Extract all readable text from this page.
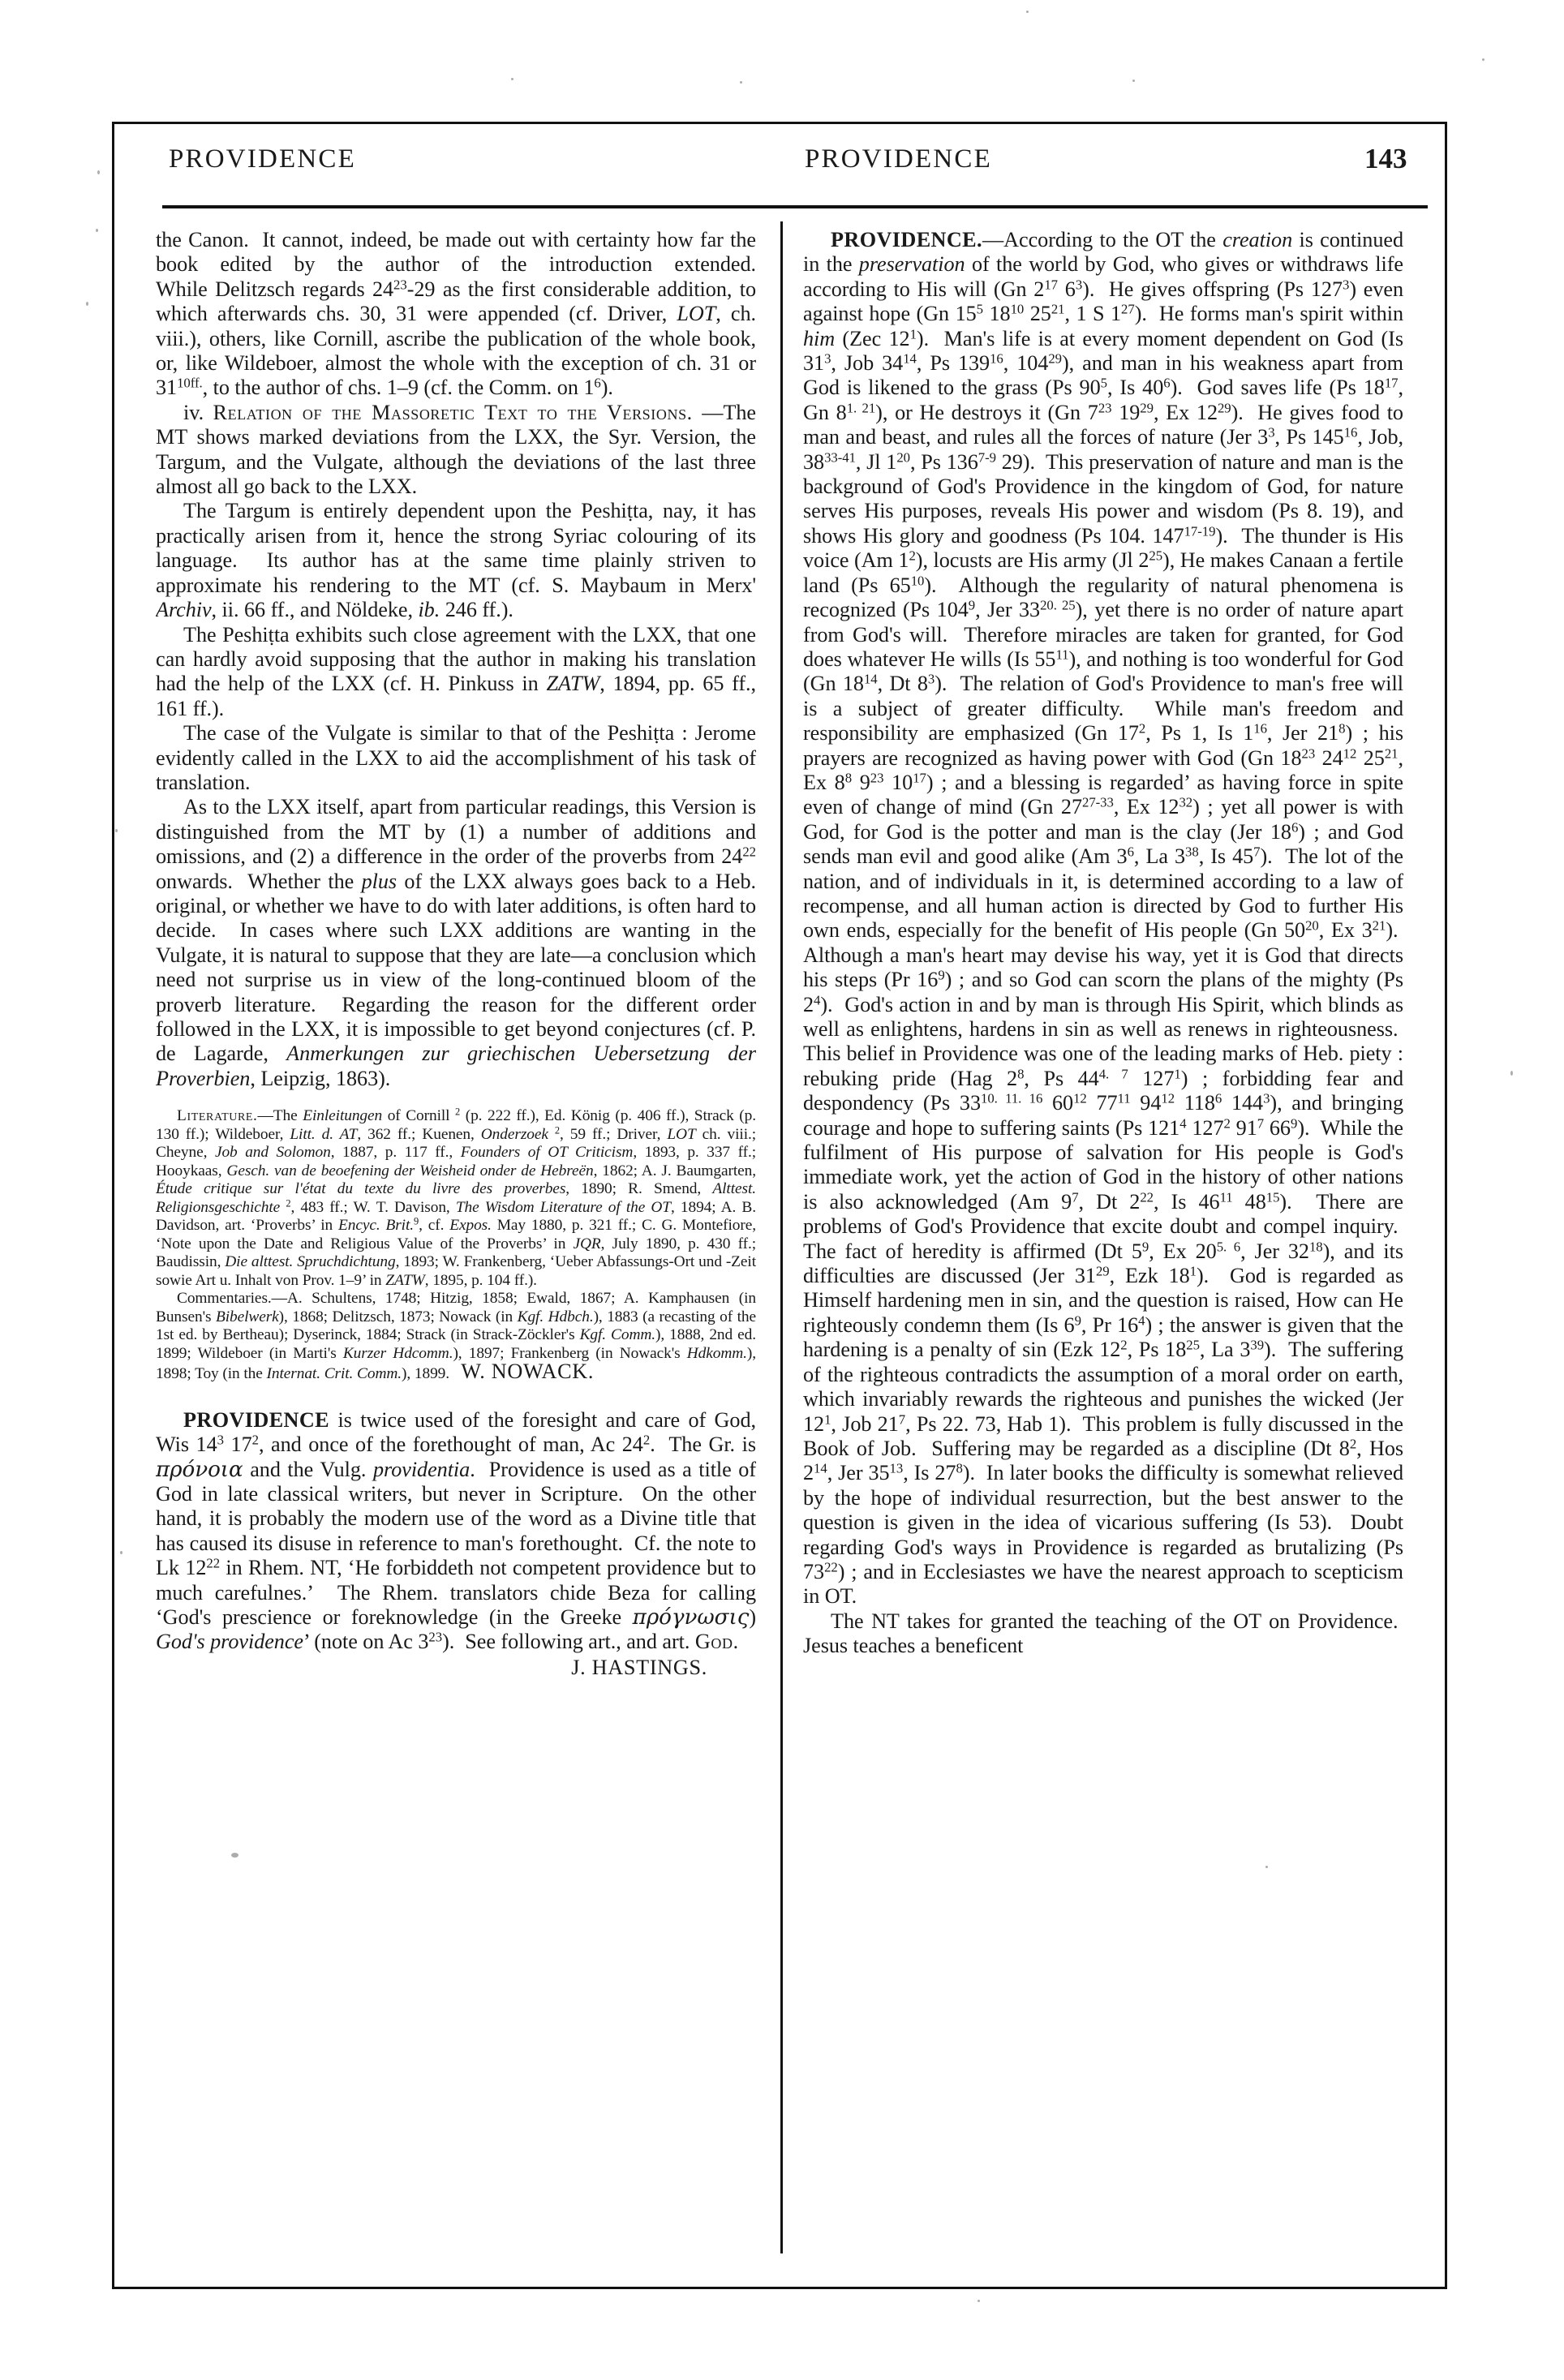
PROVIDENCE	PROVIDENCE	143

the Canon.  It cannot, indeed, be made out with certainty how far the book edited by the author of the introduction extended. While Delitzsch regards $24^{23}-29$ as the first considerable addition, to which afterwards chs. 30, 31 were appended (cf. Driver, LOT, ch. viii.), others, like Cornill, ascribe the publication of the whole book, or, like Wildeboer, almost the whole with the exception of ch. 31 or $31^{10ff.}$, to the author of chs. 1–9 (cf. the Comm. on $1^6$).

iv. Relation of the Massoretic Text to the Versions. —The MT shows marked deviations from the LXX, the Syr. Version, the Targum, and the Vulgate, although the deviations of the last three almost all go back to the LXX.

The Targum is entirely dependent upon the Peshiṭta, nay, it has practically arisen from it, hence the strong Syriac colouring of its language.  Its author has at the same time plainly striven to approximate his rendering to the MT (cf. S. Maybaum in Merx' Archiv, ii. 66 ff., and Nöldeke, ib. 246 ff.).

The Peshiṭta exhibits such close agreement with the LXX, that one can hardly avoid supposing that the author in making his translation had the help of the LXX (cf. H. Pinkuss in ZATW, 1894, pp. 65 ff., 161 ff.).

The case of the Vulgate is similar to that of the Peshiṭta : Jerome evidently called in the LXX to aid the accomplishment of his task of translation.

As to the LXX itself, apart from particular readings, this Version is distinguished from the MT by (1) a number of additions and omissions, and (2) a difference in the order of the proverbs from $24^{22}$ onwards.  Whether the plus of the LXX always goes back to a Heb. original, or whether we have to do with later additions, is often hard to decide.  In cases where such LXX additions are wanting in the Vulgate, it is natural to suppose that they are late—a conclusion which need not surprise us in view of the long-continued bloom of the proverb literature.  Regarding the reason for the different order followed in the LXX, it is impossible to get beyond conjectures (cf. P. de Lagarde, Anmerkungen zur griechischen Uebersetzung der Proverbien, Leipzig, 1863).

Literature.—The Einleitungen of Cornill $^2$ (p. 222 ff.), Ed. König (p. 406 ff.), Strack (p. 130 ff.); Wildeboer, Litt. d. AT, 362 ff.; Kuenen, Onderzoek $^2$, 59 ff.; Driver, LOT ch. viii.; Cheyne, Job and Solomon, 1887, p. 117 ff., Founders of OT Criticism, 1893, p. 337 ff.; Hooykaas, Gesch. van de beoefening der Weisheid onder de Hebreën, 1862; A. J. Baumgarten, Étude critique sur l'état du texte du livre des proverbes, 1890; R. Smend, Alttest. Religionsgeschichte $^2$, 483 ff.; W. T. Davison, The Wisdom Literature of the OT, 1894; A. B. Davidson, art. ‘Proverbs’ in Encyc. Brit.$^9$, cf. Expos. May 1880, p. 321 ff.; C. G. Montefiore, ‘Note upon the Date and Religious Value of the Proverbs’ in JQR, July 1890, p. 430 ff.; Baudissin, Die alttest. Spruchdichtung, 1893; W. Frankenberg, ‘Ueber Abfassungs-Ort und -Zeit sowie Art u. Inhalt von Prov. 1–9’ in ZATW, 1895, p. 104 ff.).

Commentaries.—A. Schultens, 1748; Hitzig, 1858; Ewald, 1867; A. Kamphausen (in Bunsen's Bibelwerk), 1868; Delitzsch, 1873; Nowack (in Kgf. Hdbch.), 1883 (a recasting of the 1st ed. by Bertheau); Dyserinck, 1884; Strack (in Strack-Zöckler's Kgf. Comm.), 1888, 2nd ed. 1899; Wildeboer (in Marti's Kurzer Hdcomm.), 1897; Frankenberg (in Nowack's Hdkomm.), 1898; Toy (in the Internat. Crit. Comm.), 1899.   W. NOWACK.

PROVIDENCE is twice used of the foresight and care of God, Wis $14^3$ $17^2$, and once of the forethought of man, Ac $24^2$.  The Gr. is πρóνοια and the Vulg. providentia.  Providence is used as a title of God in late classical writers, but never in Scripture.  On the other hand, it is probably the modern use of the word as a Divine title that has caused its disuse in reference to man's forethought.  Cf. the note to Lk $12^{22}$ in Rhem. NT, ‘He forbiddeth not competent providence but to much carefulnes.’  The Rhem. translators chide Beza for calling ‘God's prescience or foreknowledge (in the Greeke πρóγνωσις) God's providence’ (note on Ac $3^{23}$).  See following art., and art. God.

J. HASTINGS.

PROVIDENCE.—According to the OT the creation is continued in the preservation of the world by God, who gives or withdraws life according to His will (Gn $2^{17}$ $6^3$).  He gives offspring (Ps $127^3$) even against hope (Gn $15^5$ $18^{10}$ $25^{21}$, 1 S $1^{27}$).  He forms man's spirit within him (Zec $12^1$).  Man's life is at every moment dependent on God (Is $31^3$, Job $34^{14}$, Ps $139^{16}$, $104^{29}$), and man in his weakness apart from God is likened to the grass (Ps $90^5$, Is $40^6$).  God saves life (Ps $18^{17}$, Gn $8^{1. 21}$), or He destroys it (Gn $7^{23}$ $19^{29}$, Ex $12^{29}$).  He gives food to man and beast, and rules all the forces of nature (Jer $3^3$, Ps $145^{16}$, Job, 38$^{33-41}$, Jl $1^{20}$, Ps 136$^{7-9}$ 29).  This preservation of nature and man is the background of God's Providence in the kingdom of God, for nature serves His purposes, reveals His power and wisdom (Ps 8. 19), and shows His glory and goodness (Ps 104. 147$^{17-19}$).  The thunder is His voice (Am $1^2$), locusts are His army (Jl $2^{25}$), He makes Canaan a fertile land (Ps $65^{10}$).  Although the regularity of natural phenomena is recognized (Ps $104^9$, Jer $33^{20. 25}$), yet there is no order of nature apart from God's will.  Therefore miracles are taken for granted, for God does whatever He wills (Is $55^{11}$), and nothing is too wonderful for God (Gn $18^{14}$, Dt $8^3$).  The relation of God's Providence to man's free will is a subject of greater difficulty.  While man's freedom and responsibility are emphasized (Gn $17^2$, Ps 1, Is $1^{16}$, Jer $21^8$) ; his prayers are recognized as having power with God (Gn $18^{23}$ $24^{12}$ $25^{21}$, Ex $8^8$ $9^{23}$ $10^{17}$) ; and a blessing is regarded’ as having force in spite even of change of mind (Gn 27$^{27-33}$, Ex $12^{32}$) ; yet all power is with God, for God is the potter and man is the clay (Jer $18^6$) ; and God sends man evil and good alike (Am $3^6$, La $3^{38}$, Is $45^7$).  The lot of the nation, and of individuals in it, is determined according to a law of recompense, and all human action is directed by God to further His own ends, especially for the benefit of His people (Gn $50^{20}$, Ex $3^{21}$).  Although a man's heart may devise his way, yet it is God that directs his steps (Pr $16^9$) ; and so God can scorn the plans of the mighty (Ps $2^4$).  God's action in and by man is through His Spirit, which blinds as well as enlightens, hardens in sin as well as renews in righteousness.  This belief in Providence was one of the leading marks of Heb. piety : rebuking pride (Hag $2^8$, Ps $44^{4. 7}$ $127^1$) ; forbidding fear and despondency (Ps $33^{10. 11. 16}$ $60^{12}$ $77^{11}$ $94^{12}$ $118^6$ $144^3$), and bringing courage and hope to suffering saints (Ps $121^4$ $127^2$ $91^7$ $66^9$).  While the fulfilment of His purpose of salvation for His people is God's immediate work, yet the action of God in the history of other nations is also acknowledged (Am $9^7$, Dt $2^{22}$, Is $46^{11}$ $48^{15}$).  There are problems of God's Providence that excite doubt and compel inquiry.  The fact of heredity is affirmed (Dt $5^9$, Ex $20^{5. 6}$, Jer $32^{18}$), and its difficulties are discussed (Jer $31^{29}$, Ezk $18^1$).  God is regarded as Himself hardening men in sin, and the question is raised, How can He righteously condemn them (Is $6^9$, Pr $16^4$) ; the answer is given that the hardening is a penalty of sin (Ezk $12^2$, Ps $18^{25}$, La $3^{39}$).  The suffering of the righteous contradicts the assumption of a moral order on earth, which invariably rewards the righteous and punishes the wicked (Jer $12^1$, Job $21^7$, Ps 22. 73, Hab 1).  This problem is fully discussed in the Book of Job.  Suffering may be regarded as a discipline (Dt $8^2$, Hos $2^{14}$, Jer $35^{13}$, Is $27^8$).  In later books the difficulty is somewhat relieved by the hope of individual resurrection, but the best answer to the question is given in the idea of vicarious suffering (Is 53).  Doubt regarding God's ways in Providence is regarded as brutalizing (Ps $73^{22}$) ; and in Ecclesiastes we have the nearest approach to scepticism in OT.

The NT takes for granted the teaching of the OT on Providence.  Jesus teaches a beneficent
